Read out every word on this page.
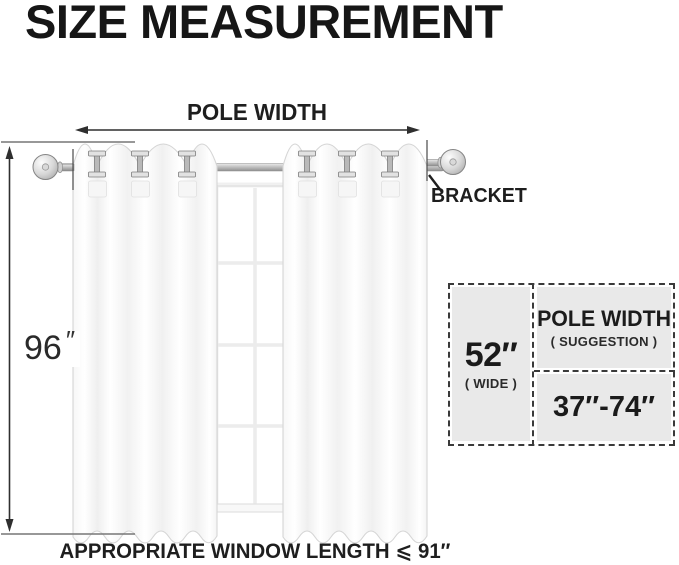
SIZE MEASUREMENT
POLE WIDTH
BRACKET
96 ″
APPROPRIATE WINDOW LENGTH ⩽ 91″
52″
( WIDE )
POLE WIDTH
( SUGGESTION )
37″-74″
